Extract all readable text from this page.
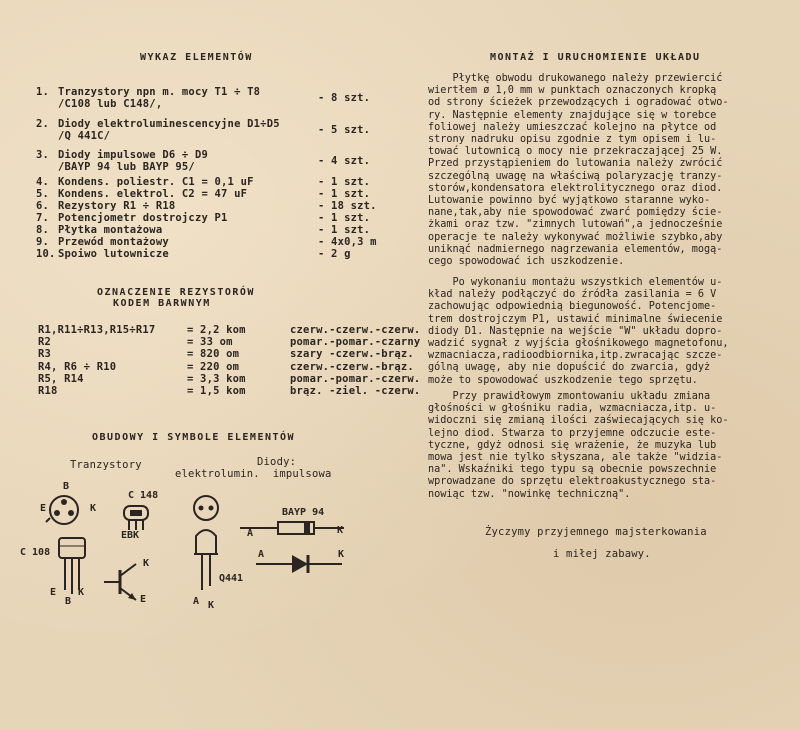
WYKAZ ELEMENTÓW
1. Tranzystory npn m. mocy T1 ÷ T8
/C108 lub C148/,	- 8 szt.
2. Diody elektroluminescencyjne D1÷D5
/Q 441C/	- 5 szt.
3. Diody impulsowe D6 ÷ D9
/BAYP 94 lub BAYP 95/	- 4 szt.
4. Kondens. poliestr. C1 = 0,1 uF	- 1 szt.
5. Kondens. elektrol. C2 = 47 uF	- 1 szt.
6. Rezystory R1 ÷ R18	- 18 szt.
7. Potencjometr dostrojczy P1	- 1 szt.
8. Płytka montażowa	- 1 szt.
9. Przewód montażowy	- 4x0,3 m
10. Spoiwo lutownicze	- 2 g
OZNACZENIE REZYSTORÓW
KODEM BARWNYM
R1,R11÷R13,R15÷R17	= 2,2 kom	czerw.-czerw.-czerw.
R2	= 33 om	pomar.-pomar.-czarny
R3	= 820 om	szary -czerw.-brąz.
R4, R6 ÷ R10	= 220 om	czerw.-czerw.-brąz.
R5, R14	= 3,3 kom	pomar.-pomar.-czerw.
R18	= 1,5 kom	brąz. -ziel. -czerw.
OBUDOWY I SYMBOLE ELEMENTÓW
Tranzystory	Diody:
elektrolumin.  impulsowa
B
E	K
C 148
EBK
C 108
E
B
K
K
E	A K
Q441
BAYP 94
A	K
A	K
MONTAŻ I URUCHOMIENIE UKŁADU
Płytkę obwodu drukowanego należy przewiercić
wiertłem ø 1,0 mm w punktach oznaczonych kropką
od strony ścieżek przewodzących i ogradować otwo-
ry. Następnie elementy znajdujące się w torebce
foliowej należy umieszczać kolejno na płytce od
strony nadruku opisu zgodnie z tym opisem i lu-
tować lutownicą o mocy nie przekraczającej 25 W.
Przed przystąpieniem do lutowania należy zwrócić
szczególną uwagę na właściwą polaryzację tranzy-
storów,kondensatora elektrolitycznego oraz diod.
Lutowanie powinno być wyjątkowo staranne wyko-
nane,tak,aby nie spowodować zwarć pomiędzy ście-
żkami oraz tzw. "zimnych lutowań",a jednocześnie
operacje te należy wykonywać możliwie szybko,aby
uniknąć nadmiernego nagrzewania elementów, mogą-
cego spowodować ich uszkodzenie.
Po wykonaniu montażu wszystkich elementów u-
kład należy podłączyć do źródła zasilania = 6 V
zachowując odpowiednią biegunowość. Potencjome-
trem dostrojczym P1, ustawić minimalne świecenie
diody D1. Następnie na wejście "W" układu dopro-
wadzić sygnał z wyjścia głośnikowego magnetofonu,
wzmacniacza,radioodbiornika,itp.zwracając szcze-
gólną uwagę, aby nie dopuścić do zwarcia, gdyż
może to spowodować uszkodzenie tego sprzętu.
Przy prawidłowym zmontowaniu układu zmiana
głośności w głośniku radia, wzmacniacza,itp. u-
widoczni się zmianą ilości zaświecających się ko-
lejno diod. Stwarza to przyjemne odczucie este-
tyczne, gdyż odnosi się wrażenie, że muzyka lub
mowa jest nie tylko słyszana, ale także "widzia-
na". Wskaźniki tego typu są obecnie powszechnie
wprowadzane do sprzętu elektroakustycznego sta-
nowiąc tzw. "nowinkę techniczną".
Życzymy przyjemnego majsterkowania
i miłej zabawy.
